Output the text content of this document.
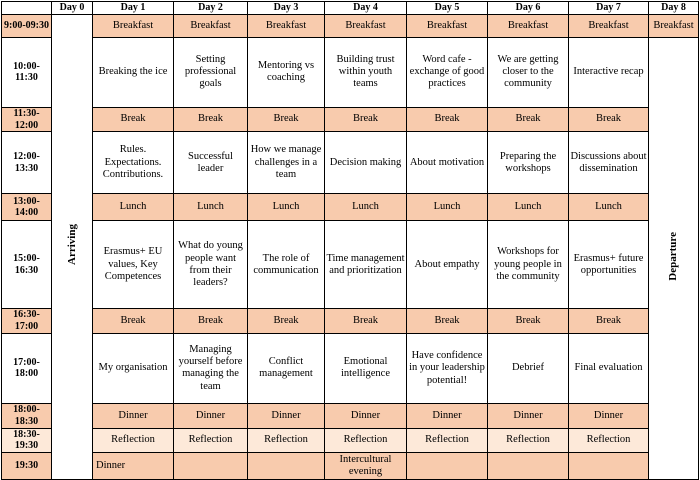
	Day 0	Day 1	Day 2	Day 3	Day 4	Day 5	Day 6	Day 7	Day 8	
9:00-09:30	Arriving	Breakfast	Breakfast	Breakfast	Breakfast	Breakfast	Breakfast	Breakfast	Breakfast	
10:00-11:30		Breaking the ice	Setting professional goals	Mentoring vs coaching	Building trust within youth teams	Word cafe - exchange of good practices	We are getting closer to the community	Interactive recap	Departure	
11:30-12:00		Break	Break	Break	Break	Break	Break	Break		
12:00-13:30		Rules. Expectations. Contributions.	Successful leader	How we manage challenges in a team	Decision making	About motivation	Preparing the workshops	Discussions about dissemination		
13:00-14:00		Lunch	Lunch	Lunch	Lunch	Lunch	Lunch	Lunch		
15:00-16:30		Erasmus+ EU values, Key Competences	What do young people want from their leaders?	The role of communication	Time management and prioritization	About empathy	Workshops for young people in the community	Erasmus+ future opportunities		
16:30-17:00		Break	Break	Break	Break	Break	Break	Break		
17:00-18:00		My organisation	Managing yourself before managing the team	Conflict management	Emotional intelligence	Have confidence in your leadership potential!	Debrief	Final evaluation		
18:00-18:30		Dinner	Dinner	Dinner	Dinner	Dinner	Dinner	Dinner		
18:30-19:30		Reflection	Reflection	Reflection	Reflection	Reflection	Reflection	Reflection		
19:30		Dinner			Intercultural evening					
